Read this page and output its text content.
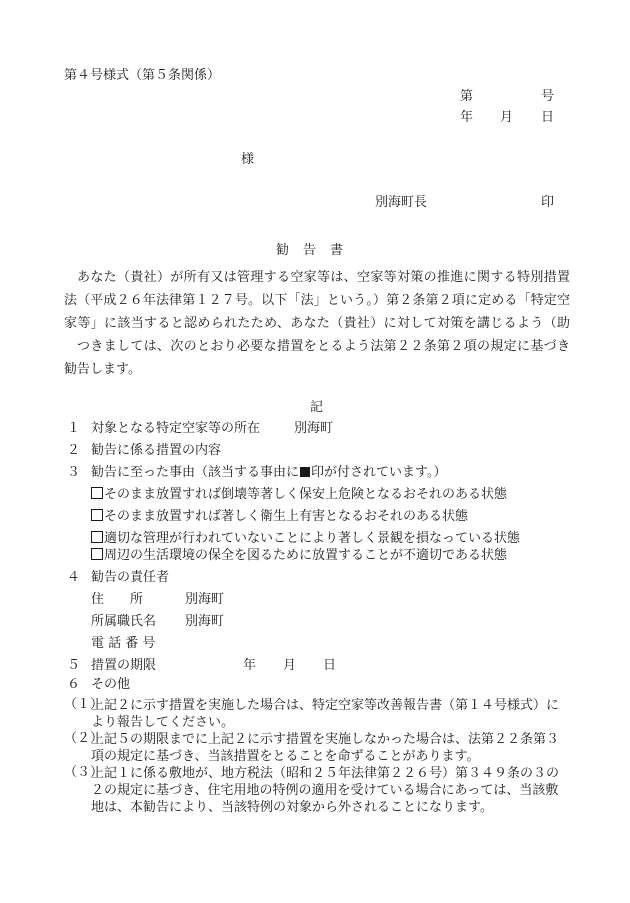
第４号様式（第５条関係）
第	号
年 月 日
様
別海町長	印
勧告書
あなた（貴社）が所有又は管理する空家等は、空家等対策の推進に関する特別措置法（平成２６年法律第１２７号。以下「法」という。）第２条第２項に定める「特定空家等」に該当すると認められたため、あなた（貴社）に対して対策を講じるよう（助
つきましては、次のとおり必要な措置をとるよう法第２２条第２項の規定に基づき勧告します。
記
１ 対象となる特定空家等の所在	別海町
２ 勧告に係る措置の内容
３ 勧告に至った事由（該当する事由に 印が付されています。）
そのまま放置すれば倒壊等著しく保安上危険となるおそれのある状態
そのまま放置すれば著しく衛生上有害となるおそれのある状態
適切な管理が行われていないことにより著しく景観を損なっている状態
周辺の生活環境の保全を図るために放置することが不適切である状態
４ 勧告の責任者
住　　所	別海町
所属職氏名 別海町
電 話 番 号
５ 措置の期限	年 月 日
６ その他
（１）
上記２に示す措置を実施した場合は、特定空家等改善報告書（第１４号様式）により報告してください。
（２）
上記５の期限までに上記２に示す措置を実施しなかった場合は、法第２２条第３項の規定に基づき、当該措置をとることを命ずることがあります。
（３）
上記１に係る敷地が、地方税法（昭和２５年法律第２２６号）第３４９条の３の２の規定に基づき、住宅用地の特例の適用を受けている場合にあっては、当該敷地は、本勧告により、当該特例の対象から外されることになります。
